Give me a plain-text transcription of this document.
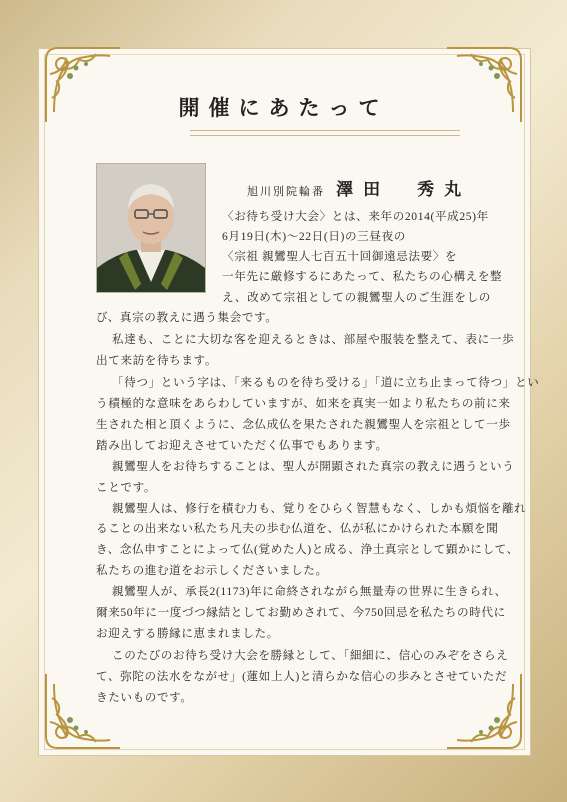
開催にあたって
旭川別院輪番 澤田　秀丸
〈お待ち受け大会〉とは、来年の2014(平成25)年
6月19日(木)〜22日(日)の三昼夜の
〈宗祖 親鸞聖人七百五十回御遠忌法要〉を
一年先に厳修するにあたって、私たちの心構えを整
え、改めて宗祖としての親鸞聖人のご生涯をしの
び、真宗の教えに遇う集会です。
私達も、ことに大切な客を迎えるときは、部屋や服装を整えて、表に一歩
出て来訪を待ちます。
「待つ」という字は、「来るものを待ち受ける」「道に立ち止まって待つ」とい
う積極的な意味をあらわしていますが、如来を真実一如より私たちの前に来
生された相と頂くように、念仏成仏を果たされた親鸞聖人を宗祖として一歩
踏み出してお迎えさせていただく仏事でもあります。
親鸞聖人をお待ちすることは、聖人が開顕された真宗の教えに遇うという
ことです。
親鸞聖人は、修行を積む力も、覚りをひらく智慧もなく、しかも煩悩を離れ
ることの出来ない私たち凡夫の歩む仏道を、仏が私にかけられた本願を聞
き、念仏申すことによって仏(覚めた人)と成る、浄土真宗として顕かにして、
私たちの進む道をお示しくださいました。
親鸞聖人が、承長2(1173)年に命終されながら無量寿の世界に生きられ、
爾来50年に一度づつ縁結としてお勤めされて、今750回忌を私たちの時代に
お迎えする勝縁に恵まれました。
このたびのお待ち受け大会を勝縁として、「細細に、信心のみぞをさらえ
て、弥陀の法水をながせ」(蓮如上人)と清らかな信心の歩みとさせていただ
きたいものです。
